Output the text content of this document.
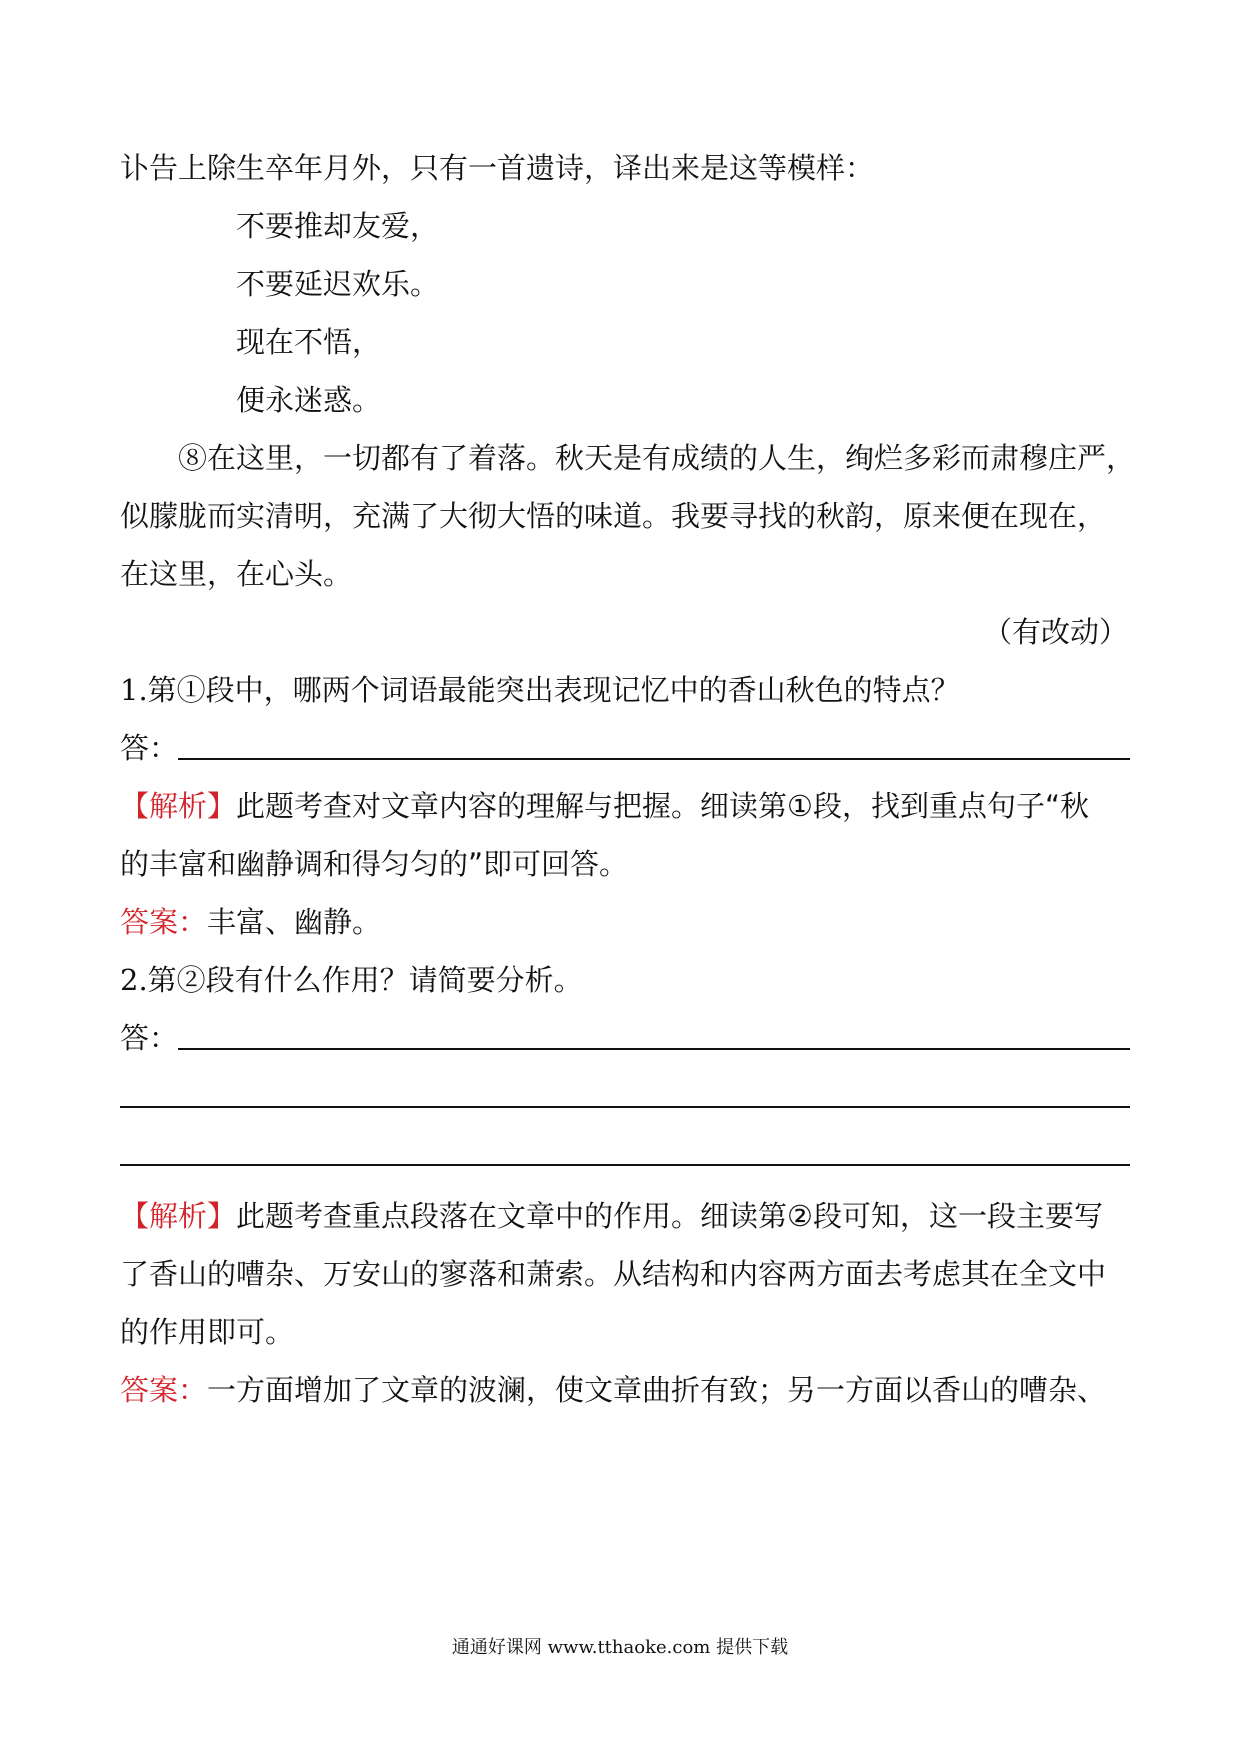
讣告上除生卒年月外，只有一首遗诗，译出来是这等模样：
不要推却友爱，
不要延迟欢乐。
现在不悟，
便永迷惑。
⑧在这里，一切都有了着落。秋天是有成绩的人生，绚烂多彩而肃穆庄严，
似朦胧而实清明，充满了大彻大悟的味道。我要寻找的秋韵，原来便在现在，
在这里，在心头。
（有改动）
1.第①段中，哪两个词语最能突出表现记忆中的香山秋色的特点？
答：
【解析】此题考查对文章内容的理解与把握。细读第①段，找到重点句子“秋
的丰富和幽静调和得匀匀的”即可回答。
答案：丰富、幽静。
2.第②段有什么作用？请简要分析。
答：
【解析】此题考查重点段落在文章中的作用。细读第②段可知，这一段主要写
了香山的嘈杂、万安山的寥落和萧索。从结构和内容两方面去考虑其在全文中
的作用即可。
答案：一方面增加了文章的波澜，使文章曲折有致；另一方面以香山的嘈杂、
通通好课网 www.tthaoke.com 提供下载
